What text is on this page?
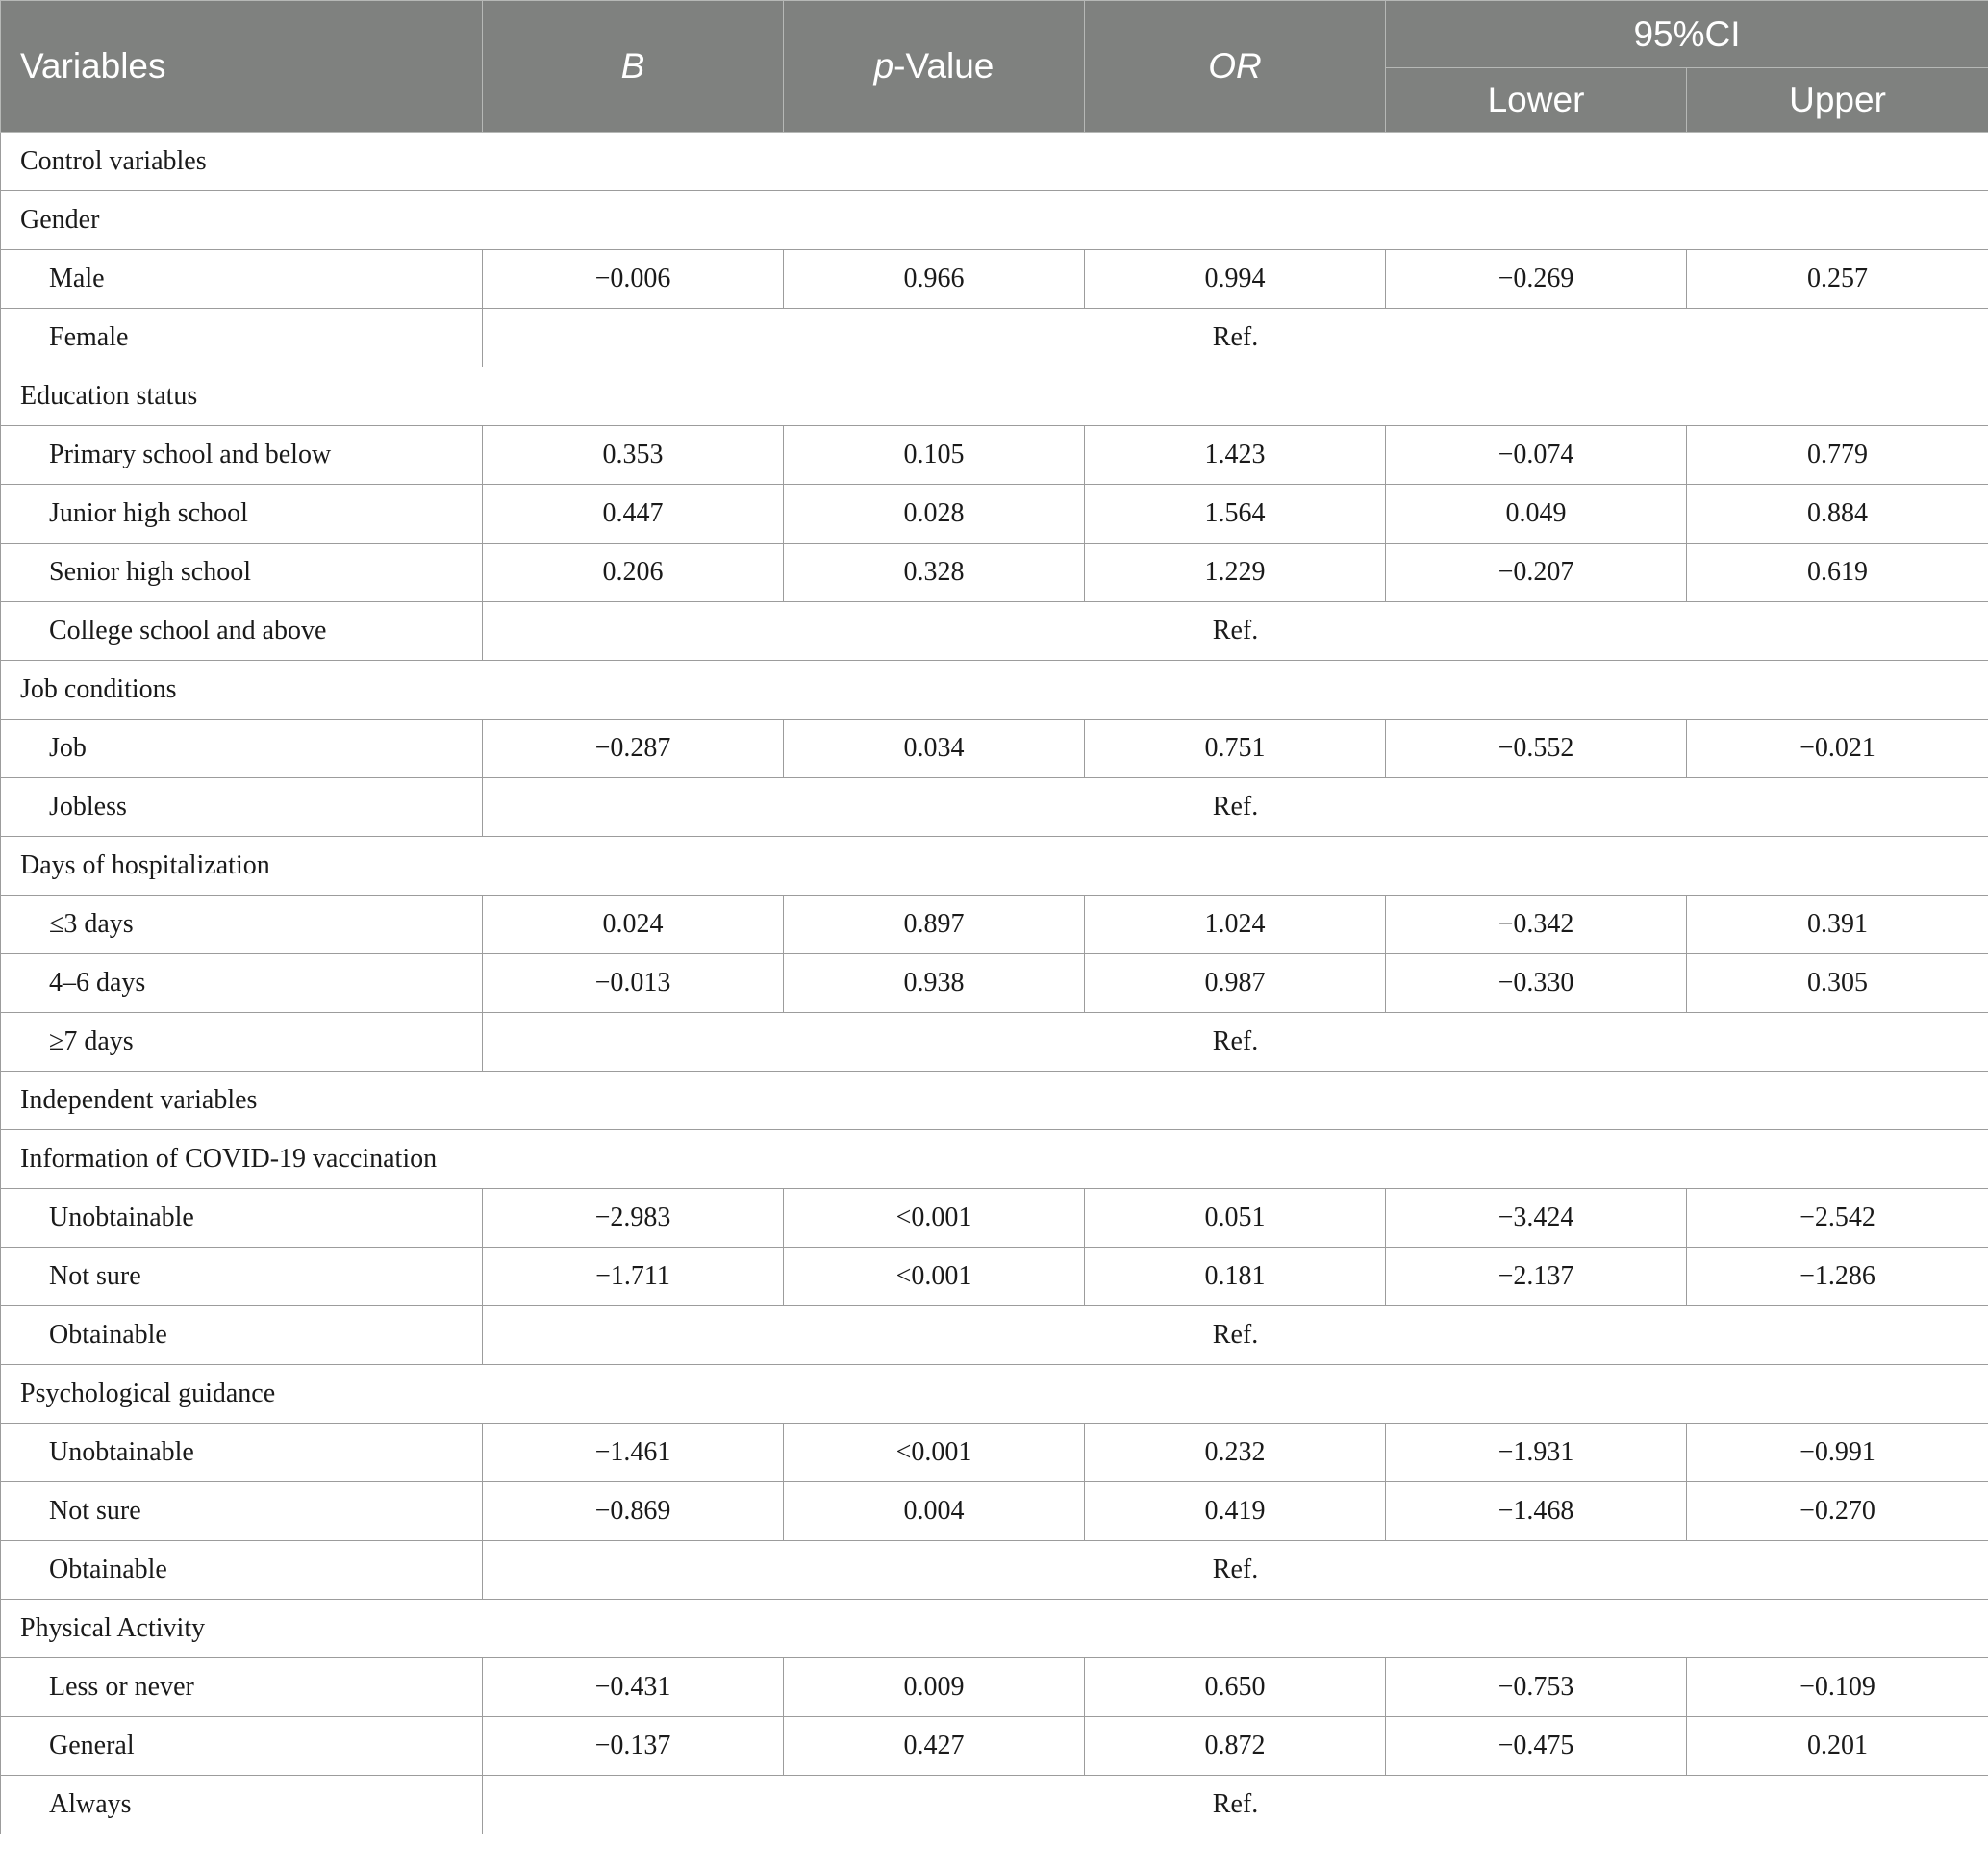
Variables	B	p-Value	OR	95%CI	
				Lower	Upper
Control variables					
Gender					
Male	−0.006	0.966	0.994	−0.269	0.257
Female	Ref.				
Education status					
Primary school and below	0.353	0.105	1.423	−0.074	0.779
Junior high school	0.447	0.028	1.564	0.049	0.884
Senior high school	0.206	0.328	1.229	−0.207	0.619
College school and above	Ref.				
Job conditions					
Job	−0.287	0.034	0.751	−0.552	−0.021
Jobless	Ref.				
Days of hospitalization					
≤3 days	0.024	0.897	1.024	−0.342	0.391
4–6 days	−0.013	0.938	0.987	−0.330	0.305
≥7 days	Ref.				
Independent variables					
Information of COVID-19 vaccination					
Unobtainable	−2.983	<0.001	0.051	−3.424	−2.542
Not sure	−1.711	<0.001	0.181	−2.137	−1.286
Obtainable	Ref.				
Psychological guidance					
Unobtainable	−1.461	<0.001	0.232	−1.931	−0.991
Not sure	−0.869	0.004	0.419	−1.468	−0.270
Obtainable	Ref.				
Physical Activity					
Less or never	−0.431	0.009	0.650	−0.753	−0.109
General	−0.137	0.427	0.872	−0.475	0.201
Always	Ref.				
